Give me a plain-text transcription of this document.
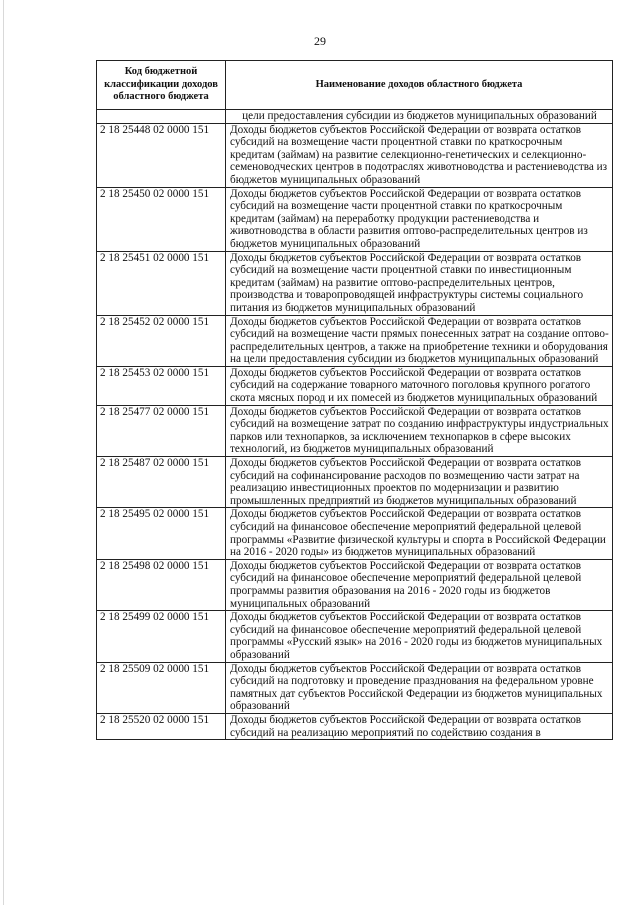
29
Код бюджетной классификации доходов областного бюджета	Наименование доходов областного бюджета
	цели предоставления субсидии из бюджетов муниципальных образований
2 18 25448 02 0000 151	Доходы бюджетов субъектов Российской Федерации от возврата остатков субсидий на возмещение части процентной ставки по краткосрочным кредитам (займам) на развитие селекционно-генетических и селекционно-семеноводческих центров в подотраслях животноводства и растениеводства из бюджетов муниципальных образований
2 18 25450 02 0000 151	Доходы бюджетов субъектов Российской Федерации от возврата остатков субсидий на возмещение части процентной ставки по краткосрочным кредитам (займам) на переработку продукции растениеводства и животноводства в области развития оптово-распределительных центров из бюджетов муниципальных образований
2 18 25451 02 0000 151	Доходы бюджетов субъектов Российской Федерации от возврата остатков субсидий на возмещение части процентной ставки по инвестиционным кредитам (займам) на развитие оптово-распределительных центров, производства и товаропроводящей инфраструктуры системы социального питания из бюджетов муниципальных образований
2 18 25452 02 0000 151	Доходы бюджетов субъектов Российской Федерации от возврата остатков субсидий на возмещение части прямых понесенных затрат на создание оптово-распределительных центров, а также на приобретение техники и оборудования на цели предоставления субсидии из бюджетов муниципальных образований
2 18 25453 02 0000 151	Доходы бюджетов субъектов Российской Федерации от возврата остатков субсидий на содержание товарного маточного поголовья крупного рогатого скота мясных пород и их помесей из бюджетов муниципальных образований
2 18 25477 02 0000 151	Доходы бюджетов субъектов Российской Федерации от возврата остатков субсидий на возмещение затрат по созданию инфраструктуры индустриальных парков или технопарков, за исключением технопарков в сфере высоких технологий, из бюджетов муниципальных образований
2 18 25487 02 0000 151	Доходы бюджетов субъектов Российской Федерации от возврата остатков субсидий на софинансирование расходов по возмещению части затрат на реализацию инвестиционных проектов по модернизации и развитию промышленных предприятий из бюджетов муниципальных образований
2 18 25495 02 0000 151	Доходы бюджетов субъектов Российской Федерации от возврата остатков субсидий на финансовое обеспечение мероприятий федеральной целевой программы «Развитие физической культуры и спорта в Российской Федерации на 2016 - 2020 годы» из бюджетов муниципальных образований
2 18 25498 02 0000 151	Доходы бюджетов субъектов Российской Федерации от возврата остатков субсидий на финансовое обеспечение мероприятий федеральной целевой программы развития образования на 2016 - 2020 годы из бюджетов муниципальных образований
2 18 25499 02 0000 151	Доходы бюджетов субъектов Российской Федерации от возврата остатков субсидий на финансовое обеспечение мероприятий федеральной целевой программы «Русский язык» на 2016 - 2020 годы из бюджетов муниципальных образований
2 18 25509 02 0000 151	Доходы бюджетов субъектов Российской Федерации от возврата остатков субсидий на подготовку и проведение празднования на федеральном уровне памятных дат субъектов Российской Федерации из бюджетов муниципальных образований
2 18 25520 02 0000 151	Доходы бюджетов субъектов Российской Федерации от возврата остатков субсидий на реализацию мероприятий по содействию создания в
